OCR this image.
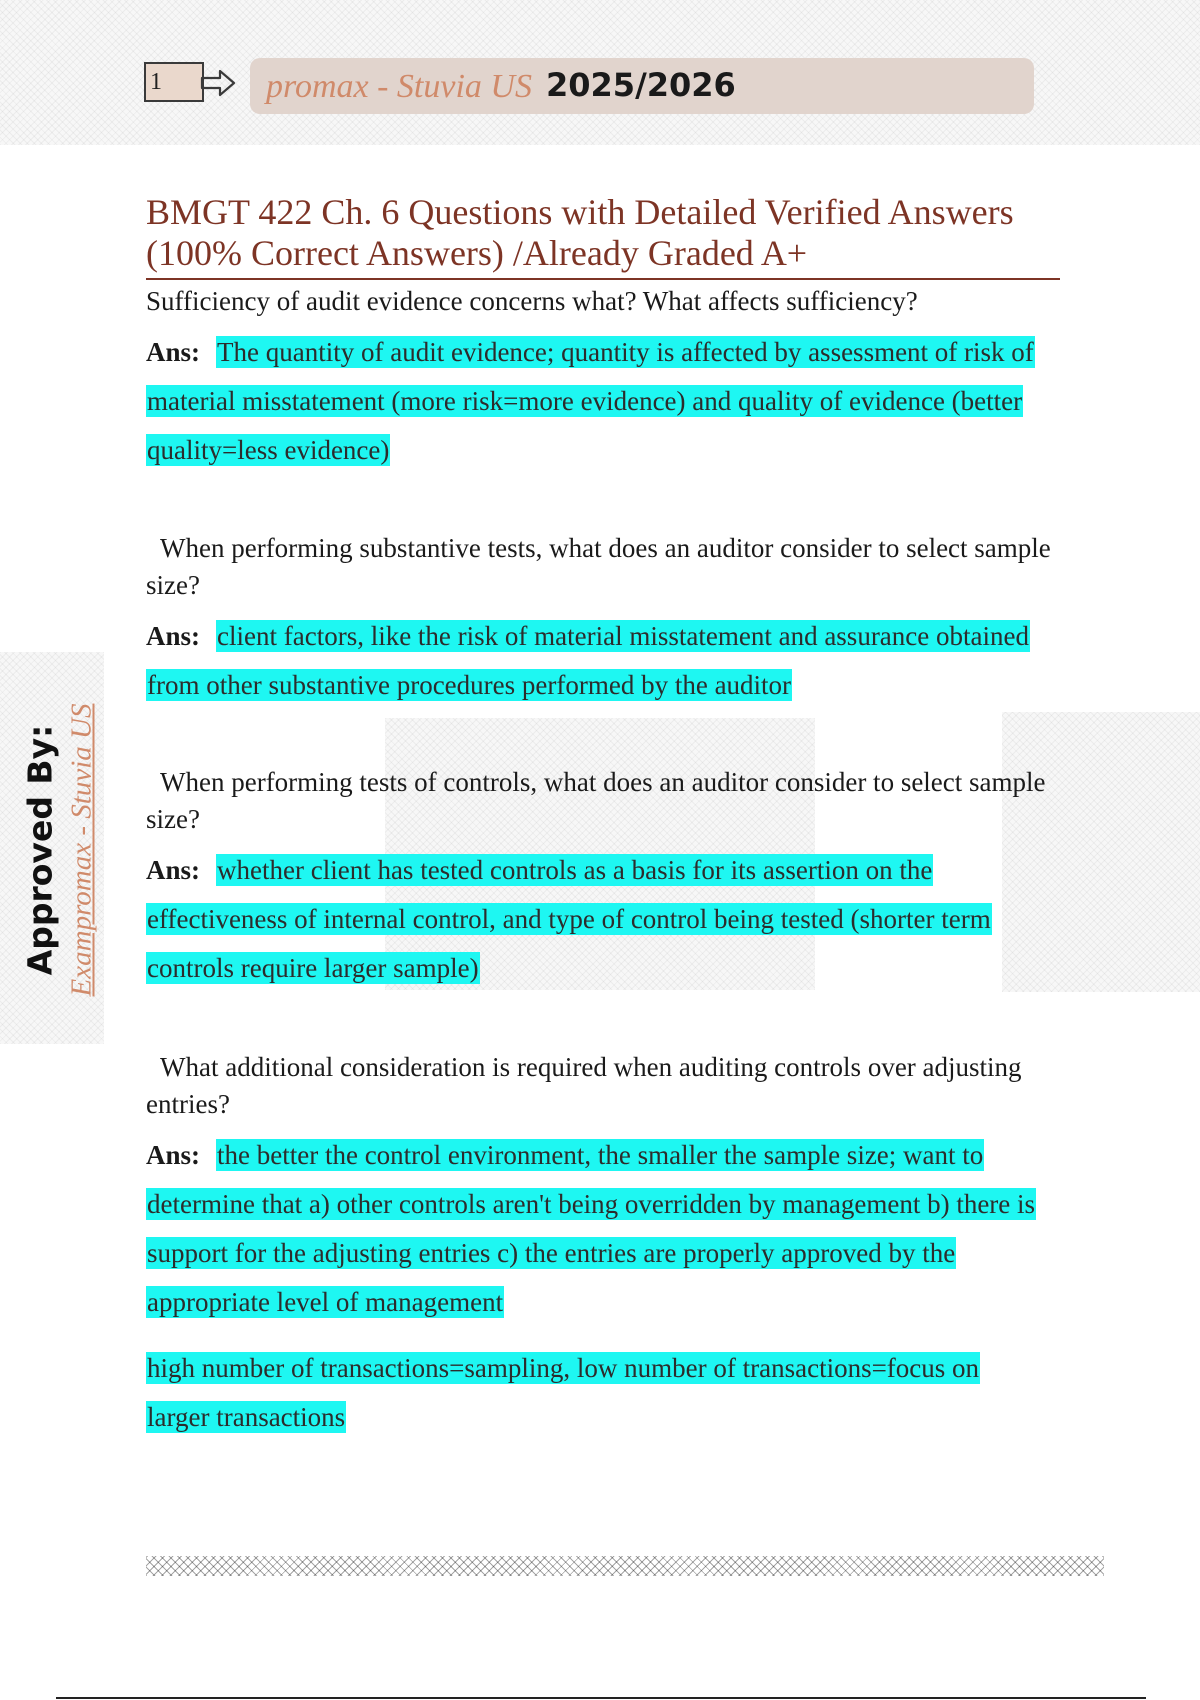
1	promax - Stuvia US 2025/2026
BMGT 422 Ch. 6 Questions with Detailed Verified Answers (100% Correct Answers) /Already Graded A+

Sufficiency of audit evidence concerns what? What affects sufficiency?

Ans: The quantity of audit evidence; quantity is affected by assessment of risk of material misstatement (more risk=more evidence) and quality of evidence (better quality=less evidence)

When performing substantive tests, what does an auditor consider to select sample size?

Ans: client factors, like the risk of material misstatement and assurance obtained from other substantive procedures performed by the auditor

When performing tests of controls, what does an auditor consider to select sample size?

Ans: whether client has tested controls as a basis for its assertion on the effectiveness of internal control, and type of control being tested (shorter term controls require larger sample)

What additional consideration is required when auditing controls over adjusting entries?

Ans: the better the control environment, the smaller the sample size; want to determine that a) other controls aren't being overridden by management b) there is support for the adjusting entries c) the entries are properly approved by the appropriate level of management

high number of transactions=sampling, low number of transactions=focus on larger transactions

Approved By: Exampromax - Stuvia US
